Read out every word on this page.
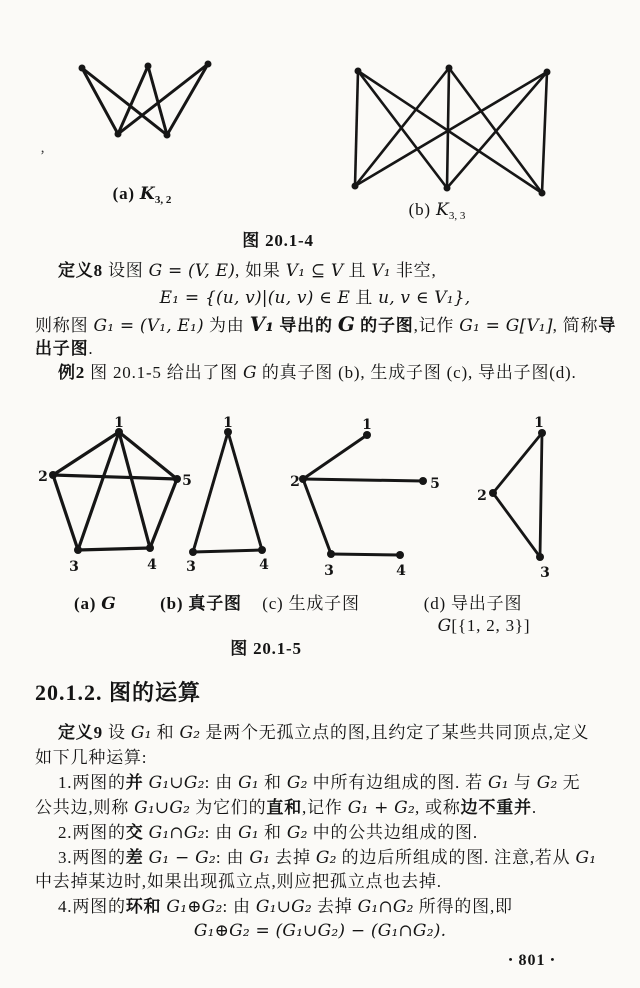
’
(a) $K_{3, 2}$	(b) $K_{3, 3}$
图 20.1-4
定义8 设图 G = (V, E), 如果 V₁ ⊆ V 且 V₁ 非空,
E₁ = {(u, v)|(u, v) ∈ E 且 u, v ∈ V₁},
则称图 G₁ = (V₁, E₁) 为由 V₁ 导出的 G 的子图,记作 G₁ = G[V₁], 简称导
出子图.
例2 图 20.1-5 给出了图 G 的真子图 (b), 生成子图 (c), 导出子图(d).
1
2	5
3	4
1
3	4
1
2	5
3	4
1
2
3
(a) G	(b) 真子图 (c) 生成子图	(d) 导出子图
G[{1, 2, 3}]
图 20.1-5
20.1.2. 图的运算
定义9 设 G₁ 和 G₂ 是两个无孤立点的图,且约定了某些共同顶点,定义
如下几种运算:
1.两图的并 G₁∪G₂: 由 G₁ 和 G₂ 中所有边组成的图. 若 G₁ 与 G₂ 无
公共边,则称 G₁∪G₂ 为它们的直和,记作 G₁ + G₂, 或称边不重并.
2.两图的交 G₁∩G₂: 由 G₁ 和 G₂ 中的公共边组成的图.
3.两图的差 G₁ − G₂: 由 G₁ 去掉 G₂ 的边后所组成的图. 注意,若从 G₁
中去掉某边时,如果出现孤立点,则应把孤立点也去掉.
4.两图的环和 G₁⊕G₂: 由 G₁∪G₂ 去掉 G₁∩G₂ 所得的图,即
G₁⊕G₂ = (G₁∪G₂) − (G₁∩G₂).
• 801 •
